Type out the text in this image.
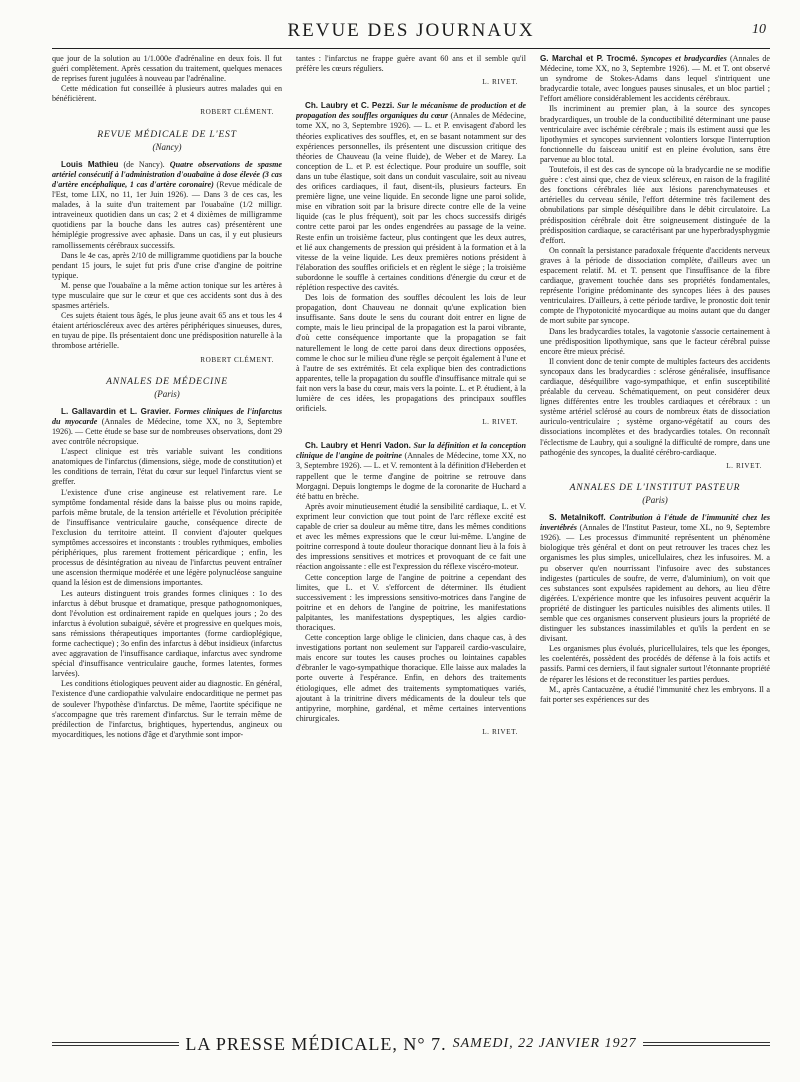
REVUE DES JOURNAUX	10

que jour de la solution au 1/1.000e d'adrénaline en deux fois. Il fut guéri complètement. Après cessation du traitement, quelques menaces de reprises furent jugulées à nouveau par l'adrénaline.

Cette médication fut conseillée à plusieurs autres malades qui en bénéficièrent.

ROBERT CLÉMENT.
REVUE MÉDICALE DE L'EST
(Nancy)

Louis Mathieu (de Nancy). Quatre observations de spasme artériel consécutif à l'administration d'ouabaïne à dose élevée (3 cas d'artère encéphalique, 1 cas d'artère coronaire) (Revue médicale de l'Est, tome LIX, no 11, 1er Juin 1926). — Dans 3 de ces cas, les malades, à la suite d'un traitement par l'ouabaïne (1/2 milligr. intraveineux quotidien dans un cas; 2 et 4 dixièmes de milligramme quotidiens par la bouche dans les autres cas) présentèrent une hémiplégie progressive avec aphasie. Dans un cas, il y eut plusieurs ramollissements cérébraux successifs.

Dans le 4e cas, après 2/10 de milligramme quotidiens par la bouche pendant 15 jours, le sujet fut pris d'une crise d'angine de poitrine typique.

M. pense que l'ouabaïne a la même action tonique sur les artères à type musculaire que sur le cœur et que ces accidents sont dus à des spasmes artériels.

Ces sujets étaient tous âgés, le plus jeune avait 65 ans et tous les 4 étaient artérioscléreux avec des artères périphériques sinueuses, dures, en tuyau de pipe. Ils présentaient donc une prédisposition naturelle à la thrombose artérielle.

ROBERT CLÉMENT.
ANNALES DE MÉDECINE
(Paris)

L. Gallavardin et L. Gravier. Formes cliniques de l'infarctus du myocarde (Annales de Médecine, tome XX, no 3, Septembre 1926). — Cette étude se base sur de nombreuses observations, dont 29 avec contrôle nécropsique.

L'aspect clinique est très variable suivant les conditions anatomiques de l'infarctus (dimensions, siège, mode de constitution) et les conditions de terrain, l'état du cœur sur lequel l'infarctus vient se greffer.

L'existence d'une crise angineuse est relativement rare. Le symptôme fondamental réside dans la baisse plus ou moins rapide, parfois même brutale, de la tension artérielle et l'évolution précipitée de l'insuffisance ventriculaire gauche, conséquence directe de l'exclusion du territoire atteint. Il convient d'ajouter quelques symptômes accessoires et inconstants : troubles rythmiques, embolies périphériques, plus rarement frottement péricardique ; enfin, les processus de désintégration au niveau de l'infarctus peuvent entraîner une ascension thermique modérée et une légère polynucléose sanguine quand la lésion est de dimensions importantes.

Les auteurs distinguent trois grandes formes cliniques : 1o des infarctus à début brusque et dramatique, presque pathognomoniques, dont l'évolution est ordinairement rapide en quelques jours ; 2o des infarctus à évolution subaiguë, sévère et progressive en quelques mois, sans rémissions thérapeutiques importantes (forme cardioplégique, forme cachectique) ; 3o enfin des infarctus à début insidieux (infarctus avec aggravation de l'insuffisance cardiaque, infarctus avec syndrome spécial d'insuffisance ventriculaire gauche, formes latentes, formes larvées).

Les conditions étiologiques peuvent aider au diagnostic. En général, l'existence d'une cardiopathie valvulaire endocarditique ne permet pas de soulever l'hypothèse d'infarctus. De même, l'aortite spécifique ne s'accompagne que très rarement d'infarctus. Sur le terrain même de prédilection de l'infarctus, brightiques, hypertendus, angineux ou myocarditiques, les notions d'âge et d'arythmie sont impor-

tantes : l'infarctus ne frappe guère avant 60 ans et il semble qu'il préfère les cœurs réguliers.

L. RIVET.

Ch. Laubry et C. Pezzi. Sur le mécanisme de production et de propagation des souffles organiques du cœur (Annales de Médecine, tome XX, no 3, Septembre 1926). — L. et P. envisagent d'abord les théories explicatives des souffles, et, en se basant notamment sur des expériences personnelles, ils présentent une discussion critique des théories de Chauveau (la veine fluide), de Weber et de Marey. La conception de L. et P. est éclectique. Pour produire un souffle, soit dans un tube élastique, soit dans un conduit vasculaire, soit au niveau des orifices cardiaques, il faut, disent-ils, plusieurs facteurs. En première ligne, une veine liquide. En seconde ligne une paroi solide, mise en vibration soit par la brisure directe contre elle de la veine liquide (cas le plus fréquent), soit par les chocs successifs dirigés contre cette paroi par les ondes engendrées au passage de la veine. Reste enfin un troisième facteur, plus contingent que les deux autres, et lié aux changements de pression qui président à la formation et à la vitesse de la veine liquide. Les deux premières notions président à l'élaboration des souffles orificiels et en règlent le siège ; la troisième subordonne le souffle à certaines conditions d'énergie du cœur et de réplétion respective des cavités.

Des lois de formation des souffles découlent les lois de leur propagation, dont Chauveau ne donnait qu'une explication bien insuffisante. Sans doute le sens du courant doit entrer en ligne de compte, mais le lieu principal de la propagation est la paroi vibrante, d'où cette conséquence importante que la propagation se fait naturellement le long de cette paroi dans deux directions opposées, comme le choc sur le milieu d'une règle se perçoit également à l'une et à l'autre de ses extrémités. Et cela explique bien des contradictions apparentes, telle la propagation du souffle d'insuffisance mitrale qui se fait non vers la base du cœur, mais vers la pointe. L. et P. étudient, à la lumière de ces idées, les propagations des principaux souffles orificiels.

L. RIVET.

Ch. Laubry et Henri Vadon. Sur la définition et la conception clinique de l'angine de poitrine (Annales de Médecine, tome XX, no 3, Septembre 1926). — L. et V. remontent à la définition d'Heberden et rappellent que le terme d'angine de poitrine se retrouve dans Morgagni. Depuis longtemps le dogme de la coronarite de Huchard a été battu en brèche.

Après avoir minutieusement étudié la sensibilité cardiaque, L. et V. expriment leur conviction que tout point de l'arc réflexe excité est capable de crier sa douleur au même titre, dans les mêmes conditions et avec les mêmes expressions que le cœur lui-même. L'angine de poitrine correspond à toute douleur thoracique donnant lieu à la fois à des impressions sensitives et motrices et provoquant de ce fait une réaction angoissante : elle est l'expression du réflexe viscéro-moteur.

Cette conception large de l'angine de poitrine a cependant des limites, que L. et V. s'efforcent de déterminer. Ils étudient successivement : les impressions sensitivo-motrices dans l'angine de poitrine et en dehors de l'angine de poitrine, les manifestations palpitantes, les manifestations dyspeptiques, les algies cardio-thoraciques.

Cette conception large oblige le clinicien, dans chaque cas, à des investigations portant non seulement sur l'appareil cardio-vasculaire, mais encore sur toutes les causes proches ou lointaines capables d'ébranler le vago-sympathique thoracique. Elle laisse aux malades la porte ouverte à l'espérance. Enfin, en dehors des traitements étiologiques, elle admet des traitements symptomatiques variés, ajoutant à la trinitrine divers médicaments de la douleur tels que antipyrine, morphine, gardénal, et même certaines interventions chirurgicales.

L. RIVET.

G. Marchal et P. Trocmé. Syncopes et bradycardies (Annales de Médecine, tome XX, no 3, Septembre 1926). — M. et T. ont observé un syndrome de Stokes-Adams dans lequel s'intriquent une bradycardie totale, avec longues pauses sinusales, et un bloc partiel ; l'effort améliore considérablement les accidents cérébraux.

Ils incriminent au premier plan, à la source des syncopes bradycardiques, un trouble de la conductibilité déterminant une pause ventriculaire avec ischémie cérébrale ; mais ils estiment aussi que les lipothymies et syncopes surviennent volontiers lorsque l'interruption fonctionnelle du faisceau unitif est en pleine évolution, sans être parvenue au bloc total.

Toutefois, il est des cas de syncope où la bradycardie ne se modifie guère : c'est ainsi que, chez de vieux scléreux, en raison de la fragilité des fonctions cérébrales liée aux lésions parenchymateuses et artérielles du cerveau sénile, l'effort détermine très facilement des obnubilations par simple déséquilibre dans le débit circulatoire. La prédisposition cérébrale doit être soigneusement distinguée de la prédisposition cardiaque, se caractérisant par une hyperbradysphygmie d'effort.

On connaît la persistance paradoxale fréquente d'accidents nerveux graves à la période de dissociation complète, d'ailleurs avec un espacement relatif. M. et T. pensent que l'insuffisance de la fibre cardiaque, gravement touchée dans ses propriétés fondamentales, représente l'origine prédominante des syncopes liées à des pauses ventriculaires. D'ailleurs, à cette période tardive, le pronostic doit tenir compte de l'hypotonicité myocardique au moins autant que du danger de mort subite par syncope.

Dans les bradycardies totales, la vagotonie s'associe certainement à une prédisposition lipothymique, sans que le facteur cérébral puisse encore être mieux précisé.

Il convient donc de tenir compte de multiples facteurs des accidents syncopaux dans les bradycardies : sclérose généralisée, insuffisance cardiaque, déséquilibre vago-sympathique, et enfin susceptibilité préalable du cerveau. Schématiquement, on peut considérer deux lignes différentes entre les troubles cardiaques et cérébraux : un système artériel sclérosé au cours de nombreux états de dissociation auriculo-ventriculaire ; système organo-végétatif au cours des dissociations incomplètes et des bradycardies totales. On reconnaît l'éclectisme de Laubry, qui a souligné la difficulté de rompre, dans une pathogénie des syncopes, la dualité cérébro-cardiaque.

L. RIVET.
ANNALES DE L'INSTITUT PASTEUR
(Paris)

S. Metalnikoff. Contribution à l'étude de l'immunité chez les invertébrés (Annales de l'Institut Pasteur, tome XL, no 9, Septembre 1926). — Les processus d'immunité représentent un phénomène biologique très général et dont on peut retrouver les traces chez les organismes les plus simples, unicellulaires, chez les infusoires. M. a pu observer qu'en nourrissant l'infusoire avec des substances indigestes (particules de soufre, de verre, d'aluminium), on voit que ces substances sont expulsées rapidement au dehors, au lieu d'être digérées. L'expérience montre que les infusoires peuvent acquérir la propriété de distinguer les particules nuisibles des aliments utiles. Il semble que ces organismes conservent plusieurs jours la propriété de distinguer les substances inassimilables et qu'ils la perdent en se divisant.

Les organismes plus évolués, pluricellulaires, tels que les éponges, les coelentérés, possèdent des procédés de défense à la fois actifs et passifs. Parmi ces derniers, il faut signaler surtout l'étonnante propriété de réparer les lésions et de reconstituer les parties perdues.

M., après Cantacuzène, a étudié l'immunité chez les embryons. Il a fait porter ses expériences sur des

LA PRESSE MÉDICALE, N° 7. SAMEDI, 22 JANVIER 1927
